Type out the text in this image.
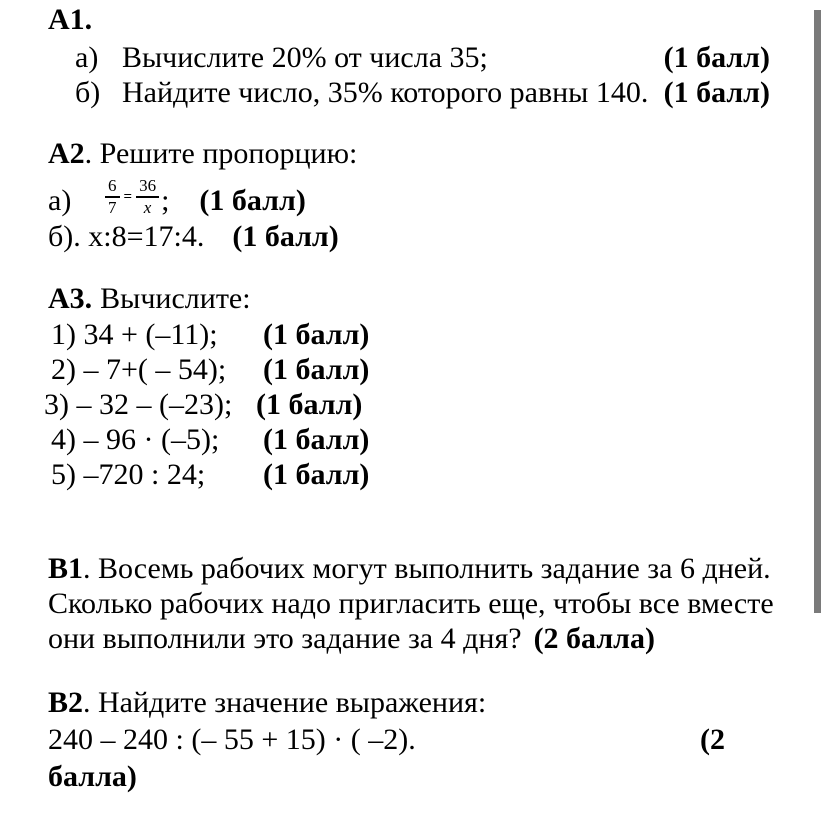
А1.
а) Вычислите 20% от числа 35;	(1 балл)
б) Найдите число, 35% которого равны 140. (1 балл)
А2. Решите пропорцию:
а)	$\frac{6}{7} = \frac{36}{x}$ ; (1 балл)
б). х:8=17:4. (1 балл)
А3. Вычислите:
1) 34 + (–11);	(1 балл)
2) – 7+( – 54);	(1 балл)
3) – 32 – (–23); (1 балл)
4) – 96 · (–5);	(1 балл)
5) –720 : 24;	(1 балл)
В1. Восемь рабочих могут выполнить задание за 6 дней.
Сколько рабочих надо пригласить еще, чтобы все вместе
они выполнили это задание за 4 дня? (2 балла)
В2. Найдите значение выражения:
240 – 240 : (– 55 + 15) · ( –2).	(2
балла)
